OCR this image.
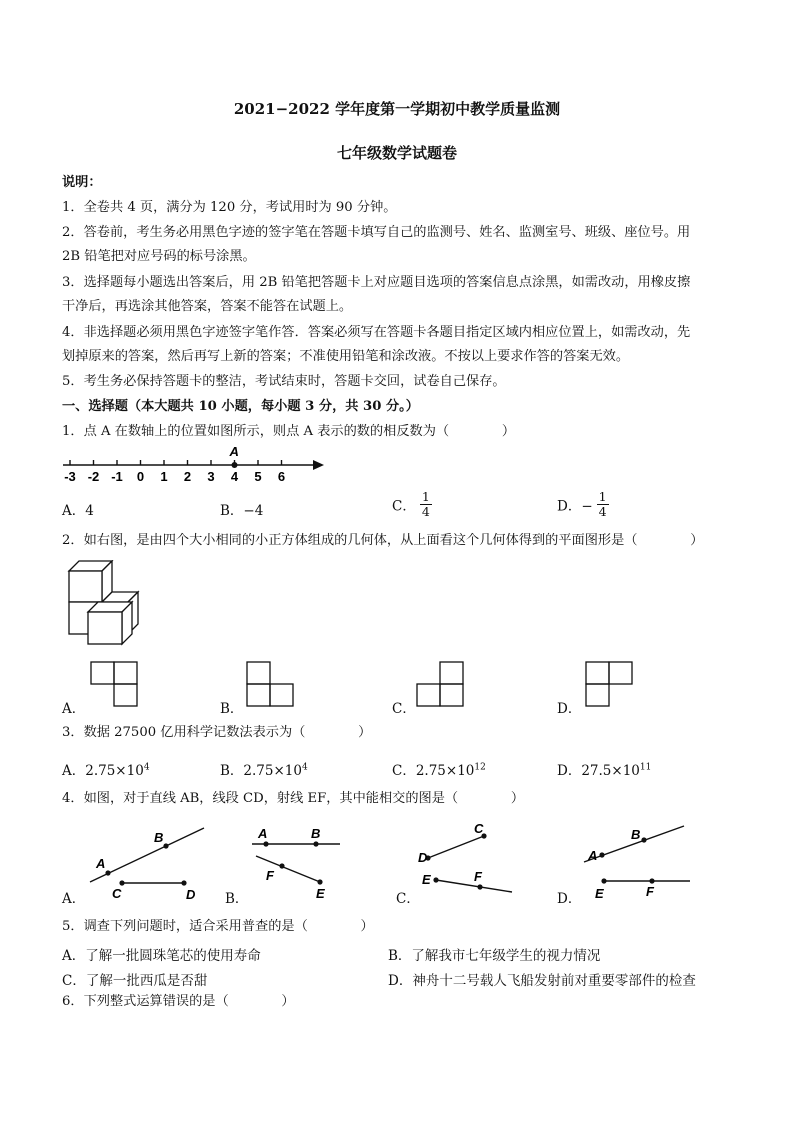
2021−2022 学年度第一学期初中教学质量监测
七年级数学试题卷
说明：
1．全卷共 4 页，满分为 120 分，考试用时为 90 分钟。
2．答卷前，考生务必用黑色字迹的签字笔在答题卡填写自己的监测号、姓名、监测室号、班级、座位号。用
2B 铅笔把对应号码的标号涂黑。
3．选择题每小题选出答案后，用 2B 铅笔把答题卡上对应题目选项的答案信息点涂黑，如需改动，用橡皮擦
干净后，再选涂其他答案，答案不能答在试题上。
4．非选择题必须用黑色字迹签字笔作答．答案必须写在答题卡各题目指定区域内相应位置上，如需改动，先
划掉原来的答案，然后再写上新的答案；不准使用铅笔和涂改液。不按以上要求作答的答案无效。
5．考生务必保持答题卡的整洁，考试结束时，答题卡交回，试卷自己保存。
一、选择题（本大题共 10 小题，每小题 3 分，共 30 分。）
1．点 A 在数轴上的位置如图所示，则点 A 表示的数的相反数为（　　　　）
-3 -2 -1 0 1 2 3 4 5 6
A
A．4	B．−4	C． $\frac{1}{4}$	D．− $\frac{1}{4}$
2．如右图，是由四个大小相同的小正方体组成的几何体，从上面看这个几何体得到的平面图形是（　　　　）
A．	B．	C．	D．
3．数据 27500 亿用科学记数法表示为（　　　　）
A．$2.75\times 10^4$	B．$2.75\times 10^4$	C．$2.75\times 10^{12}$	D．$27.5\times 10^{11}$
4．如图，对于直线 AB，线段 CD，射线 EF，其中能相交的图是（　　　　）
A．
A
B
C	D B．
A	B
F
E	C．
D
C
E	F
D．
A
B
E	F
5．调查下列问题时，适合采用普查的是（　　　　）
A．了解一批圆珠笔芯的使用寿命	B．了解我市七年级学生的视力情况
C．了解一批西瓜是否甜	D．神舟十二号载人飞船发射前对重要零部件的检查
6．下列整式运算错误的是（　　　　）
